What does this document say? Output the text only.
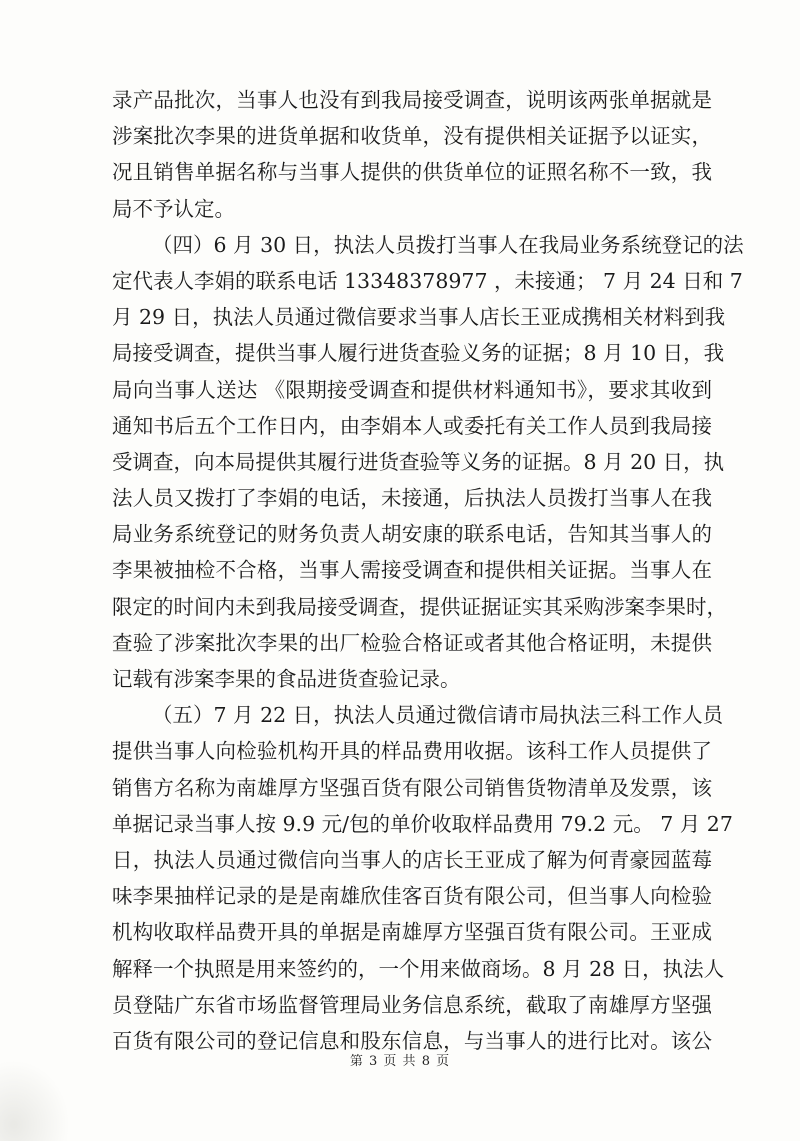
录产品批次，当事人也没有到我局接受调查，说明该两张单据就是
涉案批次李果的进货单据和收货单，没有提供相关证据予以证实，
况且销售单据名称与当事人提供的供货单位的证照名称不一致，我
局不予认定。
（四）6 月 30 日，执法人员拨打当事人在我局业务系统登记的法
定代表人李娟的联系电话 13348378977 ，未接通； 7 月 24 日和 7
月 29 日，执法人员通过微信要求当事人店长王亚成携相关材料到我
局接受调查，提供当事人履行进货查验义务的证据；8 月 10 日，我
局向当事人送达 《限期接受调查和提供材料通知书》，要求其收到
通知书后五个工作日内，由李娟本人或委托有关工作人员到我局接
受调查，向本局提供其履行进货查验等义务的证据。8 月 20 日，执
法人员又拨打了李娟的电话，未接通，后执法人员拨打当事人在我
局业务系统登记的财务负责人胡安康的联系电话，告知其当事人的
李果被抽检不合格，当事人需接受调查和提供相关证据。当事人在
限定的时间内未到我局接受调查，提供证据证实其采购涉案李果时，
查验了涉案批次李果的出厂检验合格证或者其他合格证明，未提供
记载有涉案李果的食品进货查验记录。
（五）7 月 22 日，执法人员通过微信请市局执法三科工作人员
提供当事人向检验机构开具的样品费用收据。该科工作人员提供了
销售方名称为南雄厚方坚强百货有限公司销售货物清单及发票，该
单据记录当事人按 9.9 元/包的单价收取样品费用 79.2 元。 7 月 27
日，执法人员通过微信向当事人的店长王亚成了解为何青豪园蓝莓
味李果抽样记录的是是南雄欣佳客百货有限公司，但当事人向检验
机构收取样品费开具的单据是南雄厚方坚强百货有限公司。王亚成
解释一个执照是用来签约的，一个用来做商场。8 月 28 日，执法人
员登陆广东省市场监督管理局业务信息系统，截取了南雄厚方坚强
百货有限公司的登记信息和股东信息，与当事人的进行比对。该公
第 3 页 共 8 页
